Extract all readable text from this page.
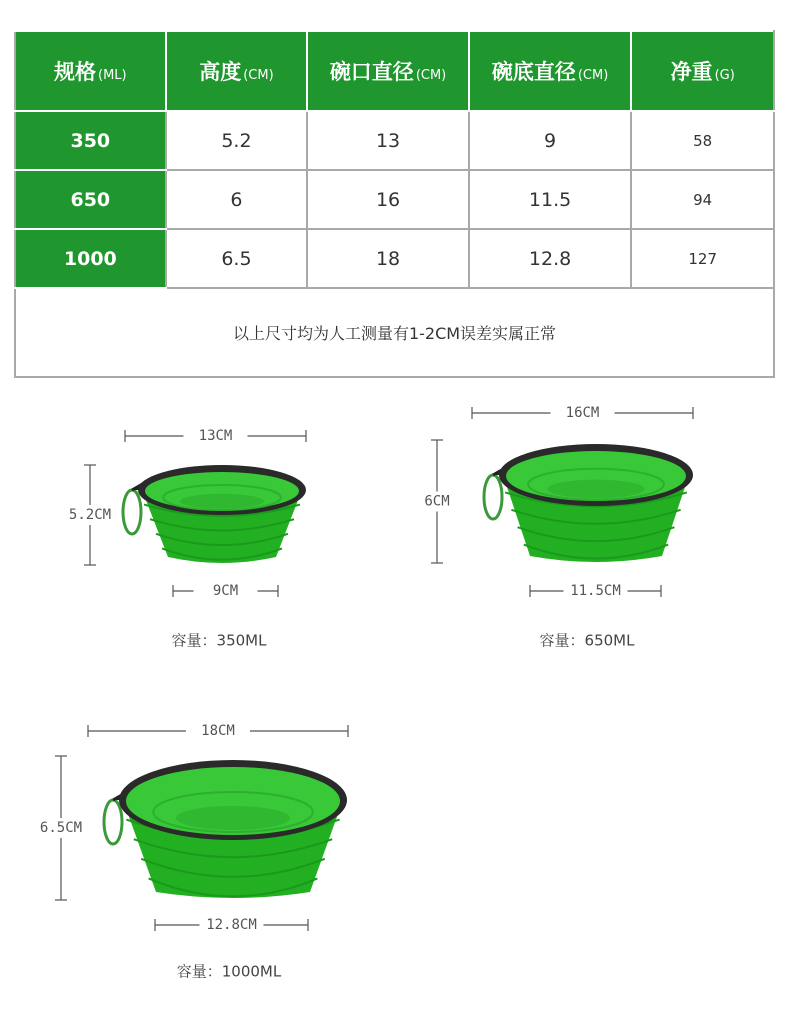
规格 (ML)	高度 (CM)	碗口直径 (CM)	碗底直径 (CM)	净重 (G)
350	5.2	13	9	58
650	6	16	11.5	94
1000	6.5	18	12.8	127
以上尺寸均为人工测量有1-2CM误差实属正常				
13CM
5.2CM
9CM
容量：350ML
16CM
6CM
11.5CM
容量：650ML
18CM
6.5CM
12.8CM
容量：1000ML
